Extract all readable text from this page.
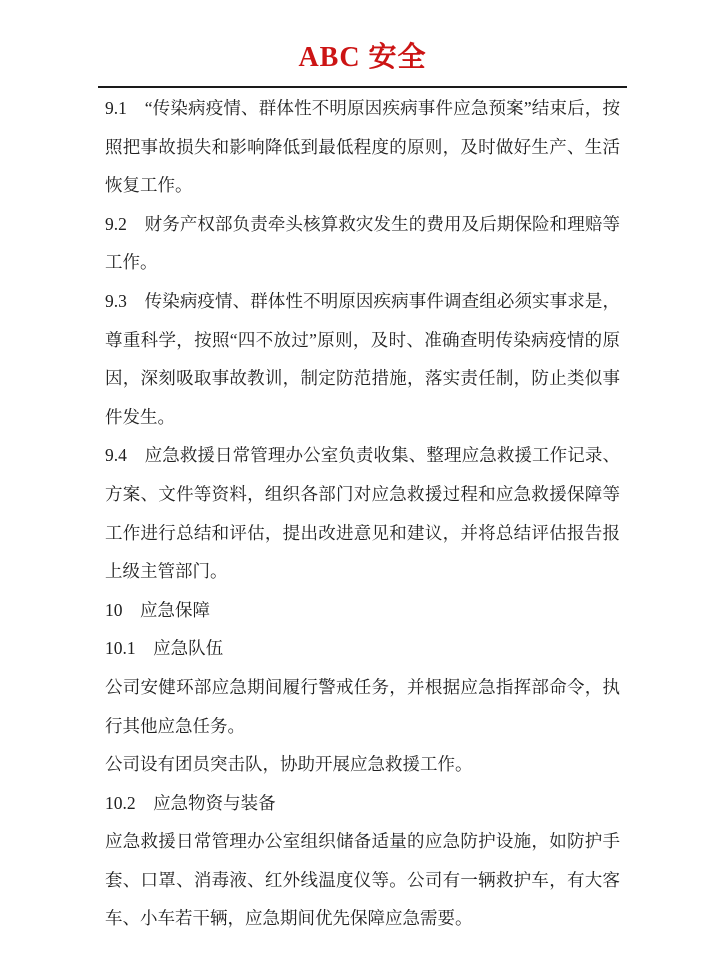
ABC 安全

9.1　“传染病疫情、群体性不明原因疾病事件应急预案”结束后，按照把事故损失和影响降低到最低程度的原则，及时做好生产、生活恢复工作。

9.2　财务产权部负责牵头核算救灾发生的费用及后期保险和理赔等工作。

9.3　传染病疫情、群体性不明原因疾病事件调查组必须实事求是，尊重科学，按照“四不放过”原则，及时、准确查明传染病疫情的原因，深刻吸取事故教训，制定防范措施，落实责任制，防止类似事件发生。

9.4　应急救援日常管理办公室负责收集、整理应急救援工作记录、方案、文件等资料，组织各部门对应急救援过程和应急救援保障等工作进行总结和评估，提出改进意见和建议，并将总结评估报告报上级主管部门。

10　应急保障

10.1　应急队伍

公司安健环部应急期间履行警戒任务，并根据应急指挥部命令，执行其他应急任务。

公司设有团员突击队，协助开展应急救援工作。

10.2　应急物资与装备

应急救援日常管理办公室组织储备适量的应急防护设施，如防护手套、口罩、消毒液、红外线温度仪等。公司有一辆救护车，有大客车、小车若干辆，应急期间优先保障应急需要。
